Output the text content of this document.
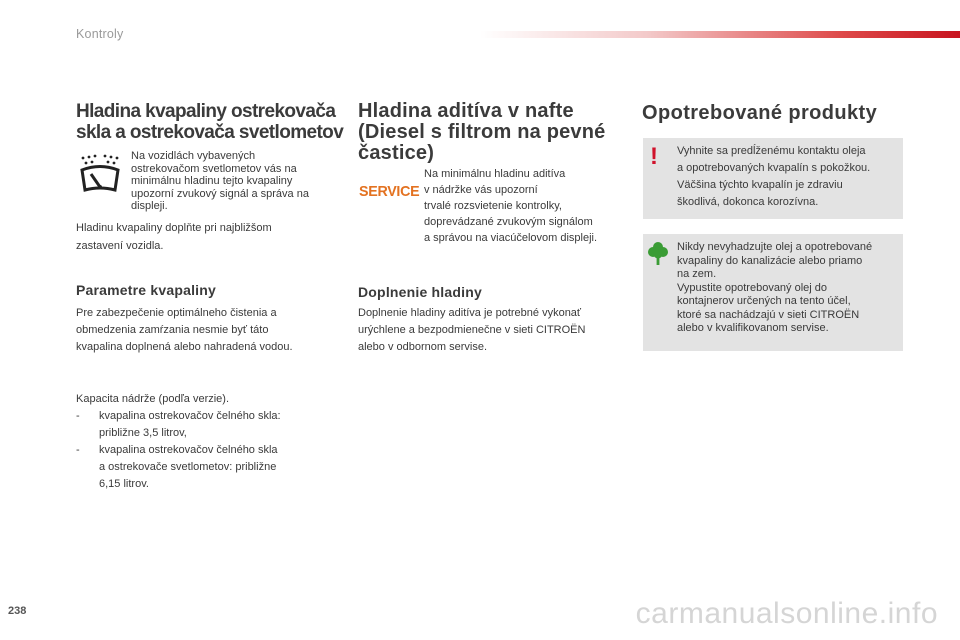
Kontroly
Hladina kvapaliny ostrekovača
skla a ostrekovača svetlometov
Na vozidlách vybavených
ostrekovačom svetlometov vás na
minimálnu hladinu tejto kvapaliny
upozorní zvukový signál a správa na
displeji.
Hladinu kvapaliny doplňte pri najbližšom
zastavení vozidla.
Parametre kvapaliny
Pre zabezpečenie optimálneho čistenia a
obmedzenia zamŕzania nesmie byť táto
kvapalina doplnená alebo nahradená vodou.
Kapacita nádrže (podľa verzie).
-	kvapalina ostrekovačov čelného skla:
približne 3,5 litrov,
-	kvapalina ostrekovačov čelného skla
a ostrekovače svetlometov: približne
6,15 litrov.
Hladina aditíva v nafte
(Diesel s filtrom na pevné
častice)
SERVICE
Na minimálnu hladinu aditíva
v nádržke vás upozorní
trvalé rozsvietenie kontrolky,
doprevádzané zvukovým signálom
a správou na viacúčelovom displeji.
Doplnenie hladiny
Doplnenie hladiny aditíva je potrebné vykonať
urýchlene a bezpodmienečne v sieti CITROËN
alebo v odbornom servise.
Opotrebované produkty
!	Vyhnite sa predĺženému kontaktu oleja
a opotrebovaných kvapalín s pokožkou.
Väčšina týchto kvapalín je zdraviu
škodlivá, dokonca korozívna.
Nikdy nevyhadzujte olej a opotrebované
kvapaliny do kanalizácie alebo priamo
na zem.
Vypustite opotrebovaný olej do
kontajnerov určených na tento účel,
ktoré sa nachádzajú v sieti CITROËN
alebo v kvalifikovanom servise.
238	carmanualsonline.info
